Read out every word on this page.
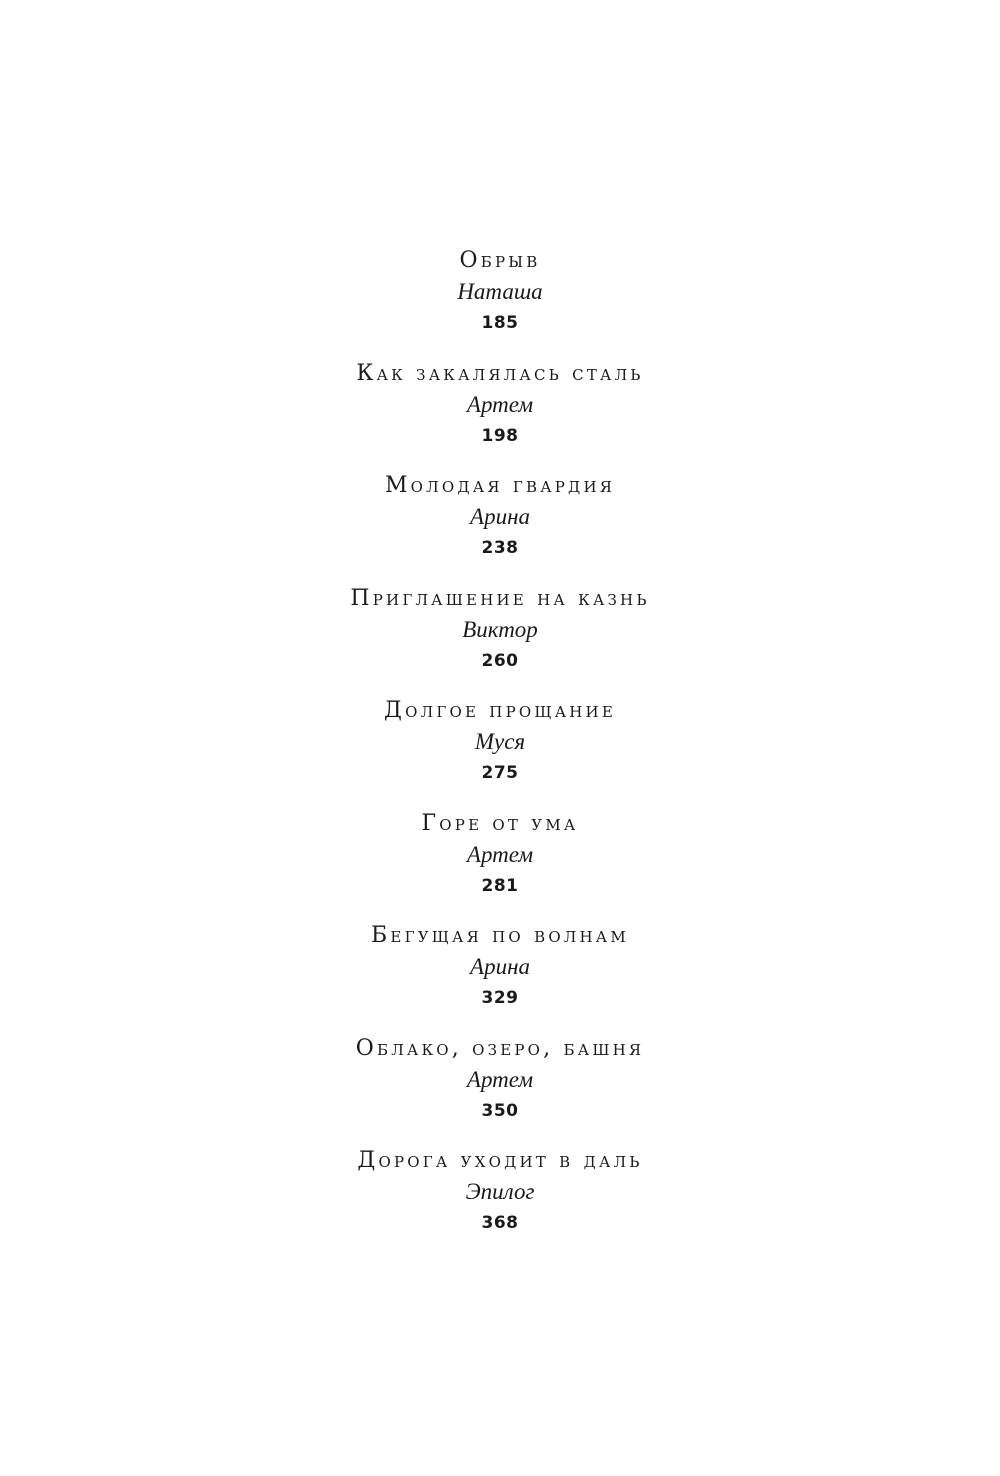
Обрыв
Наташа
185
Как закалялась сталь
Артем
198
Молодая гвардия
Арина
238
Приглашение на казнь
Виктор
260
Долгое прощание
Муся
275
Горе от ума
Артем
281
Бегущая по волнам
Арина
329
Облако, озеро, башня
Артем
350
Дорога уходит в даль
Эпилог
368
